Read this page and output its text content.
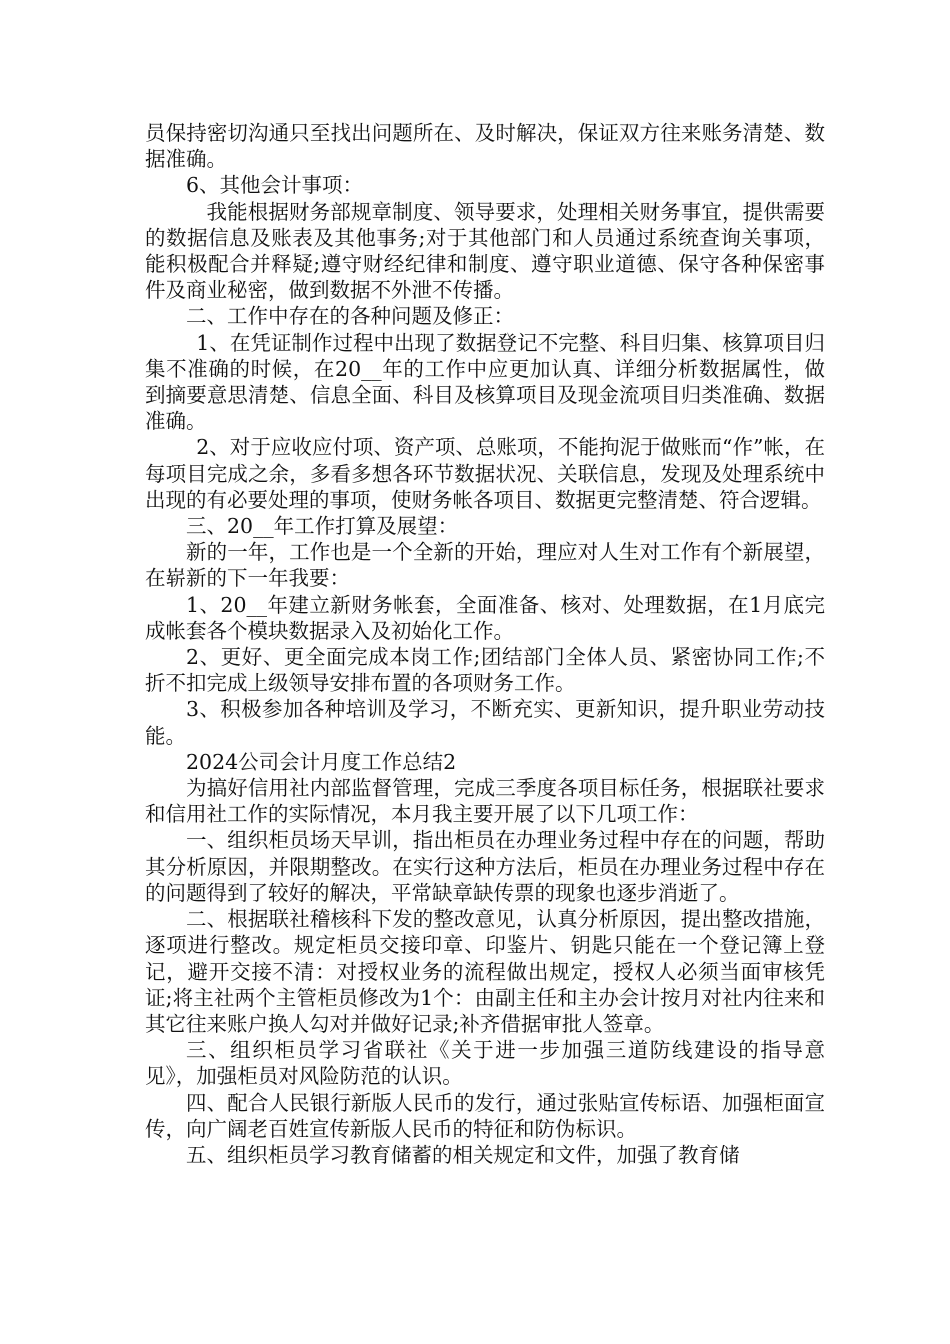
员保持密切沟通只至找出问题所在、及时解决，保证双方往来账务清楚、数据准确。

6、其他会计事项：

我能根据财务部规章制度、领导要求，处理相关财务事宜，提供需要的数据信息及账表及其他事务;对于其他部门和人员通过系统查询关事项，能积极配合并释疑;遵守财经纪律和制度、遵守职业道德、保守各种保密事件及商业秘密，做到数据不外泄不传播。

二、工作中存在的各种问题及修正：

1、在凭证制作过程中出现了数据登记不完整、科目归集、核算项目归集不准确的时候，在20__年的工作中应更加认真、详细分析数据属性，做到摘要意思清楚、信息全面、科目及核算项目及现金流项目归类准确、数据准确。

2、对于应收应付项、资产项、总账项，不能拘泥于做账而“作”帐，在每项目完成之余，多看多想各环节数据状况、关联信息，发现及处理系统中出现的有必要处理的事项，使财务帐各项目、数据更完整清楚、符合逻辑。

三、20__年工作打算及展望：

新的一年，工作也是一个全新的开始，理应对人生对工作有个新展望，在崭新的下一年我要：

1、20__年建立新财务帐套，全面准备、核对、处理数据，在1月底完成帐套各个模块数据录入及初始化工作。

2、更好、更全面完成本岗工作;团结部门全体人员、紧密协同工作;不折不扣完成上级领导安排布置的各项财务工作。

3、积极参加各种培训及学习，不断充实、更新知识，提升职业劳动技能。

2024公司会计月度工作总结2

为搞好信用社内部监督管理，完成三季度各项目标任务，根据联社要求和信用社工作的实际情况，本月我主要开展了以下几项工作：

一、组织柜员场天早训，指出柜员在办理业务过程中存在的问题，帮助其分析原因，并限期整改。在实行这种方法后，柜员在办理业务过程中存在的问题得到了较好的解决，平常缺章缺传票的现象也逐步消逝了。

二、根据联社稽核科下发的整改意见，认真分析原因，提出整改措施，逐项进行整改。规定柜员交接印章、印鉴片、钥匙只能在一个登记簿上登记，避开交接不清：对授权业务的流程做出规定，授权人必须当面审核凭证;将主社两个主管柜员修改为1个：由副主任和主办会计按月对社内往来和其它往来账户换人勾对并做好记录;补齐借据审批人签章。

三、组织柜员学习省联社《关于进一步加强三道防线建设的指导意见》，加强柜员对风险防范的认识。

四、配合人民银行新版人民币的发行，通过张贴宣传标语、加强柜面宣传，向广阔老百姓宣传新版人民币的特征和防伪标识。

五、组织柜员学习教育储蓄的相关规定和文件，加强了教育储
